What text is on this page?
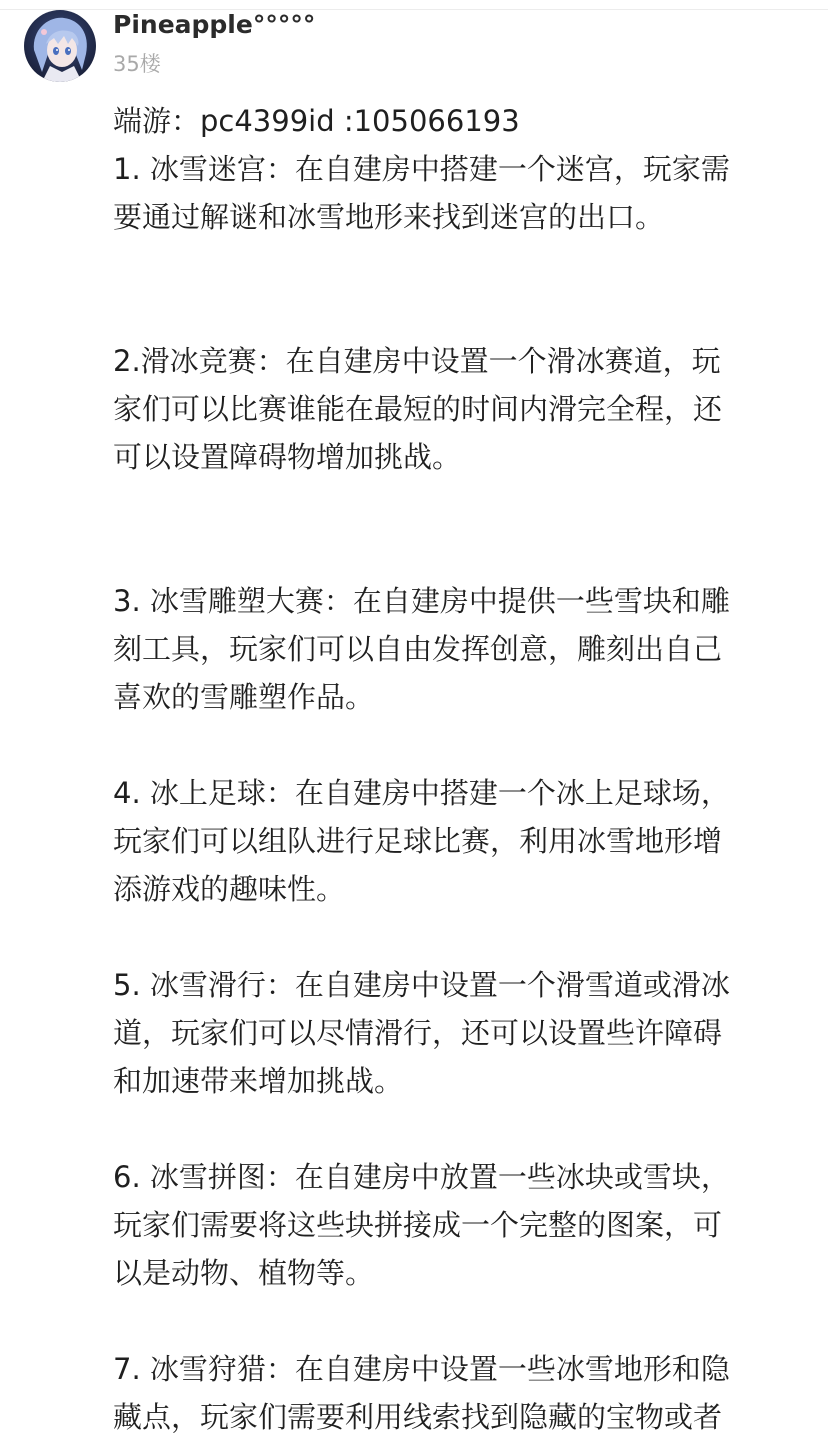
Pineapple°°°°°
35楼
端游：pc4399id :105066193
1. 冰雪迷宫：在自建房中搭建一个迷宫，玩家需
要通过解谜和冰雪地形来找到迷宫的出口。
2.滑冰竞赛：在自建房中设置一个滑冰赛道，玩
家们可以比赛谁能在最短的时间内滑完全程，还
可以设置障碍物增加挑战。
3. 冰雪雕塑大赛：在自建房中提供一些雪块和雕
刻工具，玩家们可以自由发挥创意，雕刻出自己
喜欢的雪雕塑作品。
4. 冰上足球：在自建房中搭建一个冰上足球场，
玩家们可以组队进行足球比赛，利用冰雪地形增
添游戏的趣味性。
5. 冰雪滑行：在自建房中设置一个滑雪道或滑冰
道，玩家们可以尽情滑行，还可以设置些许障碍
和加速带来增加挑战。
6. 冰雪拼图：在自建房中放置一些冰块或雪块，
玩家们需要将这些块拼接成一个完整的图案，可
以是动物、植物等。
7. 冰雪狩猎：在自建房中设置一些冰雪地形和隐
藏点，玩家们需要利用线索找到隐藏的宝物或者
